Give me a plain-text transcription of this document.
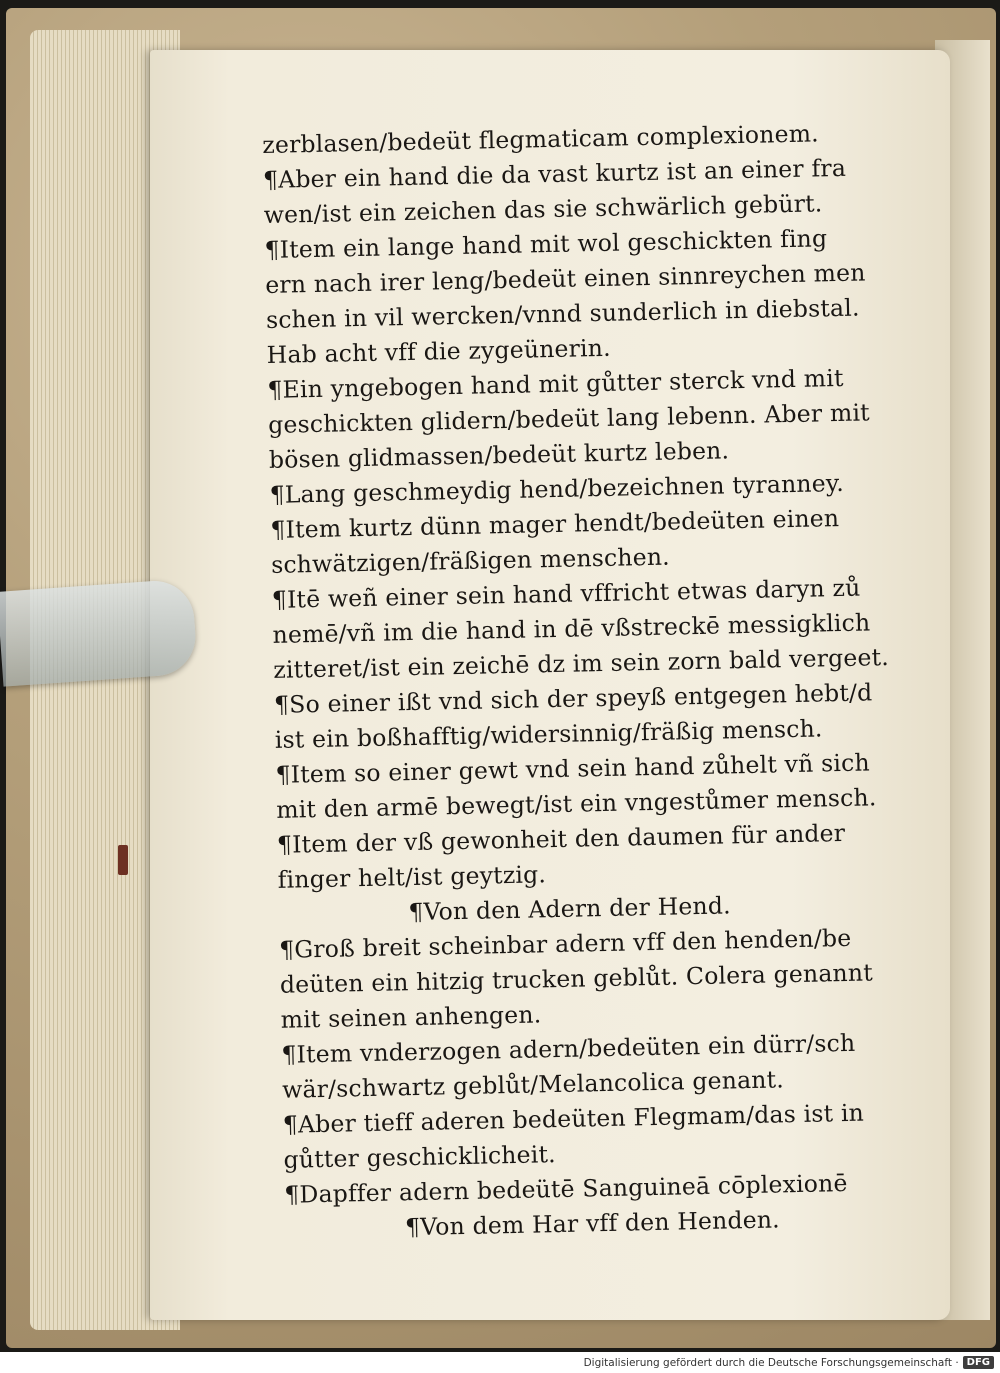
zerblasen/bedeüt flegmaticam complexionem.
¶Aber ein hand die da vast kurtz ist an einer fra
wen/ist ein zeichen das sie schwärlich gebürt.
¶Item ein lange hand mit wol geschickten fing
ern nach irer leng/bedeüt einen sinnreychen men
schen in vil wercken/vnnd sunderlich in diebstal.
Hab acht vff die zygeünerin.
¶Ein yngebogen hand mit gůtter sterck vnd mit
geschickten glidern/bedeüt lang lebenn. Aber mit
bösen glidmassen/bedeüt kurtz leben.
¶Lang geschmeydig hend/bezeichnen tyranney.
¶Item kurtz dünn mager hendt/bedeüten einen
schwätzigen/fräßigen menschen.
¶Itē weñ einer sein hand vffricht etwas daryn zů
nemē/vñ im die hand in dē vßstreckē messigklich
zitteret/ist ein zeichē dz im sein zorn bald vergeet.
¶So einer ißt vnd sich der speyß entgegen hebt/d
ist ein boßhafftig/widersinnig/fräßig mensch.
¶Item so einer gewt vnd sein hand zůhelt vñ sich
mit den armē bewegt/ist ein vngestůmer mensch.
¶Item der vß gewonheit den daumen für ander
finger helt/ist geytzig.
¶Von den Adern der Hend.
¶Groß breit scheinbar adern vff den henden/be
deüten ein hitzig trucken geblůt. Colera genannt
mit seinen anhengen.
¶Item vnderzogen adern/bedeüten ein dürr/sch
wär/schwartz geblůt/Melancolica genant.
¶Aber tieff aderen bedeüten Flegmam/das ist in
gůtter geschicklicheit.
¶Dapffer adern bedeütē Sanguineā cōplexionē
¶Von dem Har vff den Henden.
Digitalisierung gefördert durch die Deutsche Forschungsgemeinschaft · DFG
